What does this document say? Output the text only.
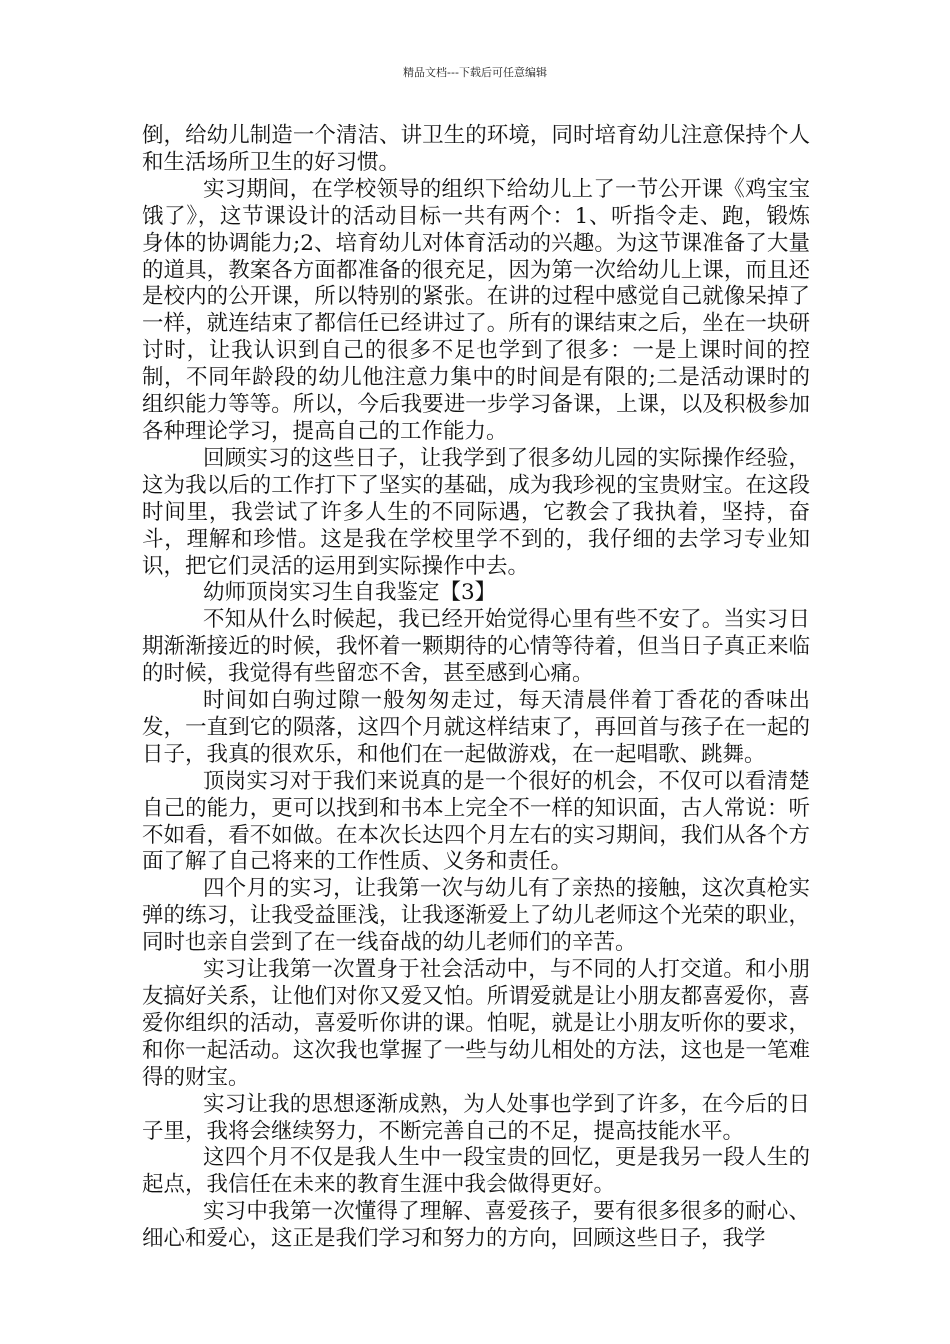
精品文档---下载后可任意编辑

倒，给幼儿制造一个清洁、讲卫生的环境，同时培育幼儿注意保持个人和生活场所卫生的好习惯。

实习期间，在学校领导的组织下给幼儿上了一节公开课《鸡宝宝饿了》，这节课设计的活动目标一共有两个：1、听指令走、跑，锻炼身体的协调能力;2、培育幼儿对体育活动的兴趣。为这节课准备了大量的道具，教案各方面都准备的很充足，因为第一次给幼儿上课，而且还是校内的公开课，所以特别的紧张。在讲的过程中感觉自己就像呆掉了一样，就连结束了都信任已经讲过了。所有的课结束之后，坐在一块研讨时，让我认识到自己的很多不足也学到了很多：一是上课时间的控制，不同年龄段的幼儿他注意力集中的时间是有限的;二是活动课时的组织能力等等。所以，今后我要进一步学习备课，上课，以及积极参加各种理论学习，提高自己的工作能力。

回顾实习的这些日子，让我学到了很多幼儿园的实际操作经验，这为我以后的工作打下了坚实的基础，成为我珍视的宝贵财宝。在这段时间里，我尝试了许多人生的不同际遇，它教会了我执着，坚持，奋斗，理解和珍惜。这是我在学校里学不到的，我仔细的去学习专业知识，把它们灵活的运用到实际操作中去。

幼师顶岗实习生自我鉴定【3】

不知从什么时候起，我已经开始觉得心里有些不安了。当实习日期渐渐接近的时候，我怀着一颗期待的心情等待着，但当日子真正来临的时候，我觉得有些留恋不舍，甚至感到心痛。

时间如白驹过隙一般匆匆走过，每天清晨伴着丁香花的香味出发，一直到它的陨落，这四个月就这样结束了，再回首与孩子在一起的日子，我真的很欢乐，和他们在一起做游戏，在一起唱歌、跳舞。

顶岗实习对于我们来说真的是一个很好的机会，不仅可以看清楚自己的能力，更可以找到和书本上完全不一样的知识面，古人常说：听不如看，看不如做。在本次长达四个月左右的实习期间，我们从各个方面了解了自己将来的工作性质、义务和责任。

四个月的实习，让我第一次与幼儿有了亲热的接触，这次真枪实弹的练习，让我受益匪浅，让我逐渐爱上了幼儿老师这个光荣的职业，同时也亲自尝到了在一线奋战的幼儿老师们的辛苦。

实习让我第一次置身于社会活动中，与不同的人打交道。和小朋友搞好关系，让他们对你又爱又怕。所谓爱就是让小朋友都喜爱你，喜爱你组织的活动，喜爱听你讲的课。怕呢，就是让小朋友听你的要求，和你一起活动。这次我也掌握了一些与幼儿相处的方法，这也是一笔难得的财宝。

实习让我的思想逐渐成熟，为人处事也学到了许多，在今后的日子里，我将会继续努力，不断完善自己的不足，提高技能水平。

这四个月不仅是我人生中一段宝贵的回忆，更是我另一段人生的起点，我信任在未来的教育生涯中我会做得更好。

实习中我第一次懂得了理解、喜爱孩子，要有很多很多的耐心、细心和爱心，这正是我们学习和努力的方向，回顾这些日子，我学
